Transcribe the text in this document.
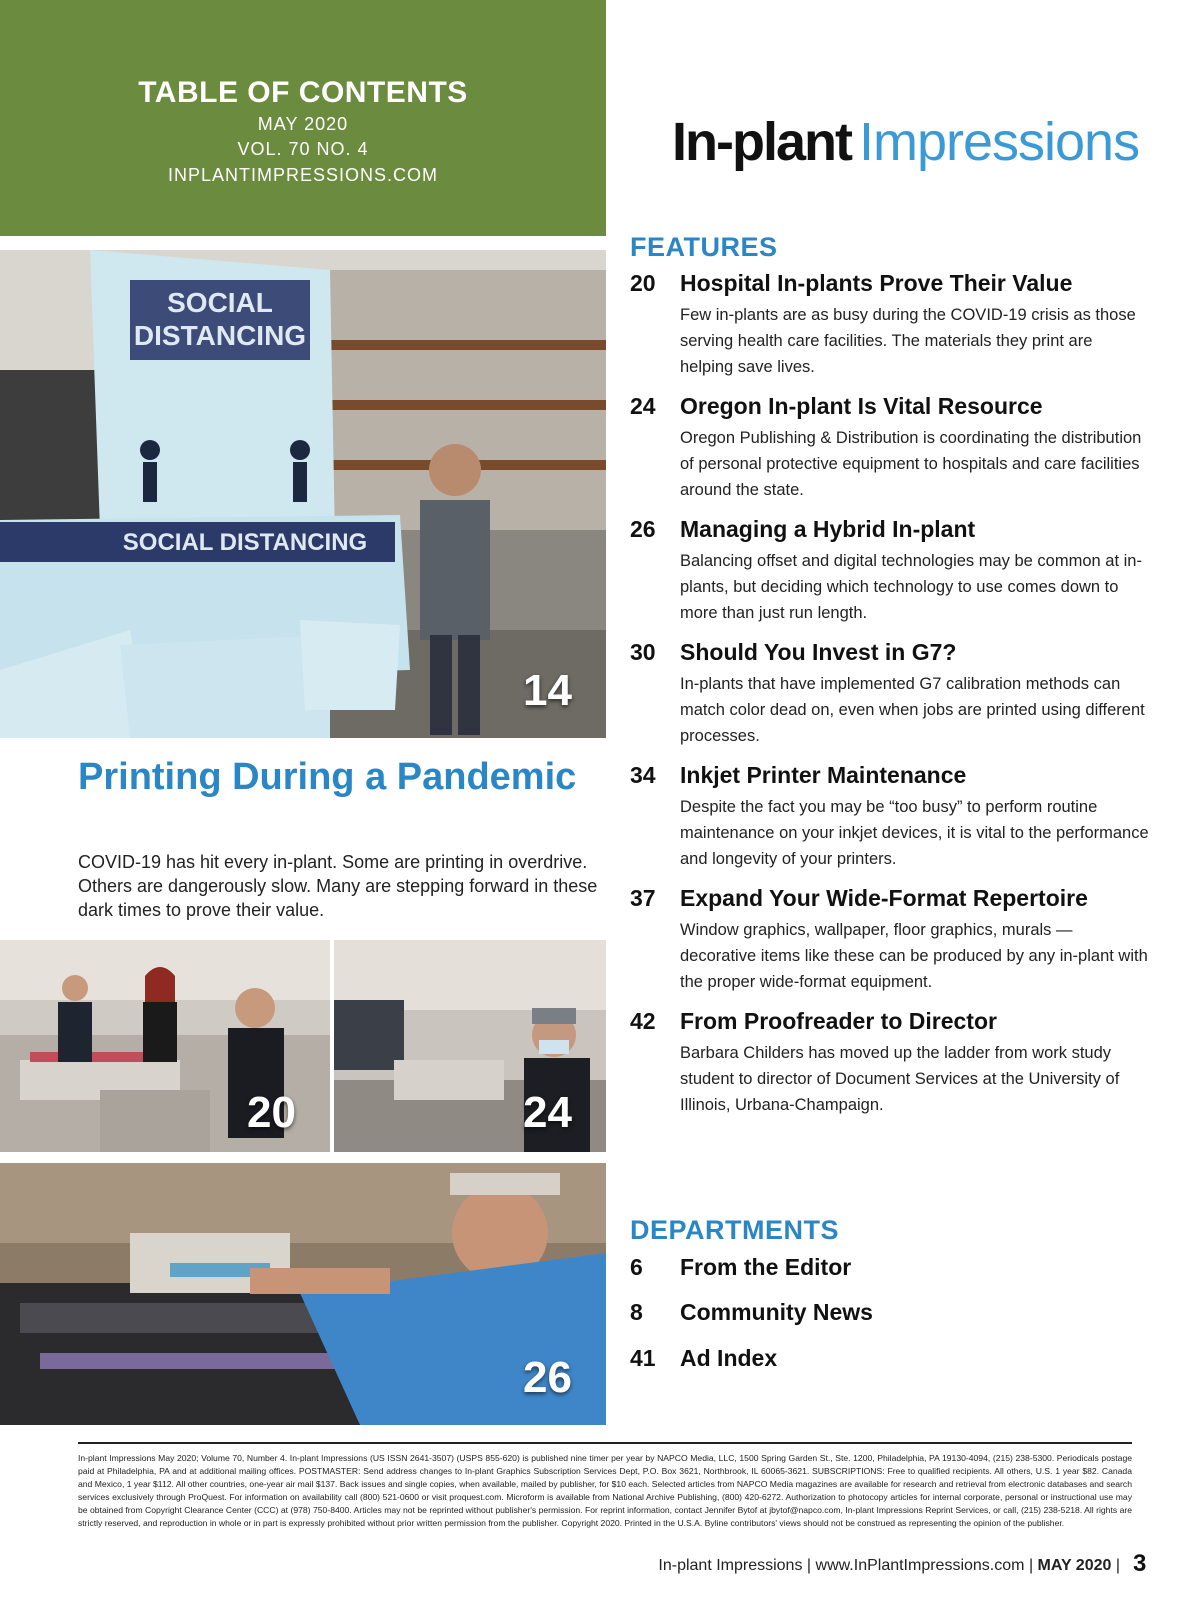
TABLE OF CONTENTS
MAY 2020
VOL. 70 NO. 4
INPLANTIMPRESSIONS.COM
In-plant Impressions
SOCIAL
DISTANCING
SOCIAL DISTANCING
14
Printing During a Pandemic
COVID-19 has hit every in-plant. Some are printing in overdrive. Others are dangerously slow. Many are stepping forward in these dark times to prove their value.
20	24
26
FEATURES
20 Hospital In-plants Prove Their Value
Few in-plants are as busy during the COVID-19 crisis as those serving health care facilities. The materials they print are helping save lives.
24 Oregon In-plant Is Vital Resource
Oregon Publishing & Distribution is coordinating the distribution of personal protective equipment to hospitals and care facilities around the state.
26 Managing a Hybrid In-plant
Balancing offset and digital technologies may be common at in-plants, but deciding which technology to use comes down to more than just run length.
30 Should You Invest in G7?
In-plants that have implemented G7 calibration methods can match color dead on, even when jobs are printed using different processes.
34 Inkjet Printer Maintenance
Despite the fact you may be “too busy” to perform routine maintenance on your inkjet devices, it is vital to the performance and longevity of your printers.
37 Expand Your Wide-Format Repertoire
Window graphics, wallpaper, floor graphics, murals — decorative items like these can be produced by any in-plant with the proper wide-format equipment.
42 From Proofreader to Director
Barbara Childers has moved up the ladder from work study student to director of Document Services at the University of Illinois, Urbana-Champaign.
DEPARTMENTS
6 From the Editor
8 Community News
41 Ad Index
In-plant Impressions May 2020; Volume 70, Number 4. In-plant Impressions (US ISSN 2641-3507) (USPS 855-620) is published nine timer per year by NAPCO Media, LLC, 1500 Spring Garden St., Ste. 1200, Philadelphia, PA 19130-4094, (215) 238-5300. Periodicals postage paid at Philadelphia, PA and at additional mailing offices. POSTMASTER: Send address changes to In-plant Graphics Subscription Services Dept, P.O. Box 3621, Northbrook, IL 60065-3621. SUBSCRIPTIONS: Free to qualified recipients. All others, U.S. 1 year $82. Canada and Mexico, 1 year $112. All other countries, one-year air mail $137. Back issues and single copies, when available, mailed by publisher, for $10 each. Selected articles from NAPCO Media magazines are available for research and retrieval from electronic databases and search services exclusively through ProQuest. For information on availability call (800) 521-0600 or visit proquest.com. Microform is available from National Archive Publishing, (800) 420-6272. Authorization to photocopy articles for internal corporate, personal or instructional use may be obtained from Copyright Clearance Center (CCC) at (978) 750-8400. Articles may not be reprinted without publisher's permission. For reprint information, contact Jennifer Bytof at jbytof@napco.com, In-plant Impressions Reprint Services, or call, (215) 238-5218. All rights are strictly reserved, and reproduction in whole or in part is expressly prohibited without prior written permission from the publisher. Copyright 2020. Printed in the U.S.A. Byline contributors' views should not be construed as representing the opinion of the publisher.
In-plant Impressions | www.InPlantImpressions.com | MAY 2020 | 3
